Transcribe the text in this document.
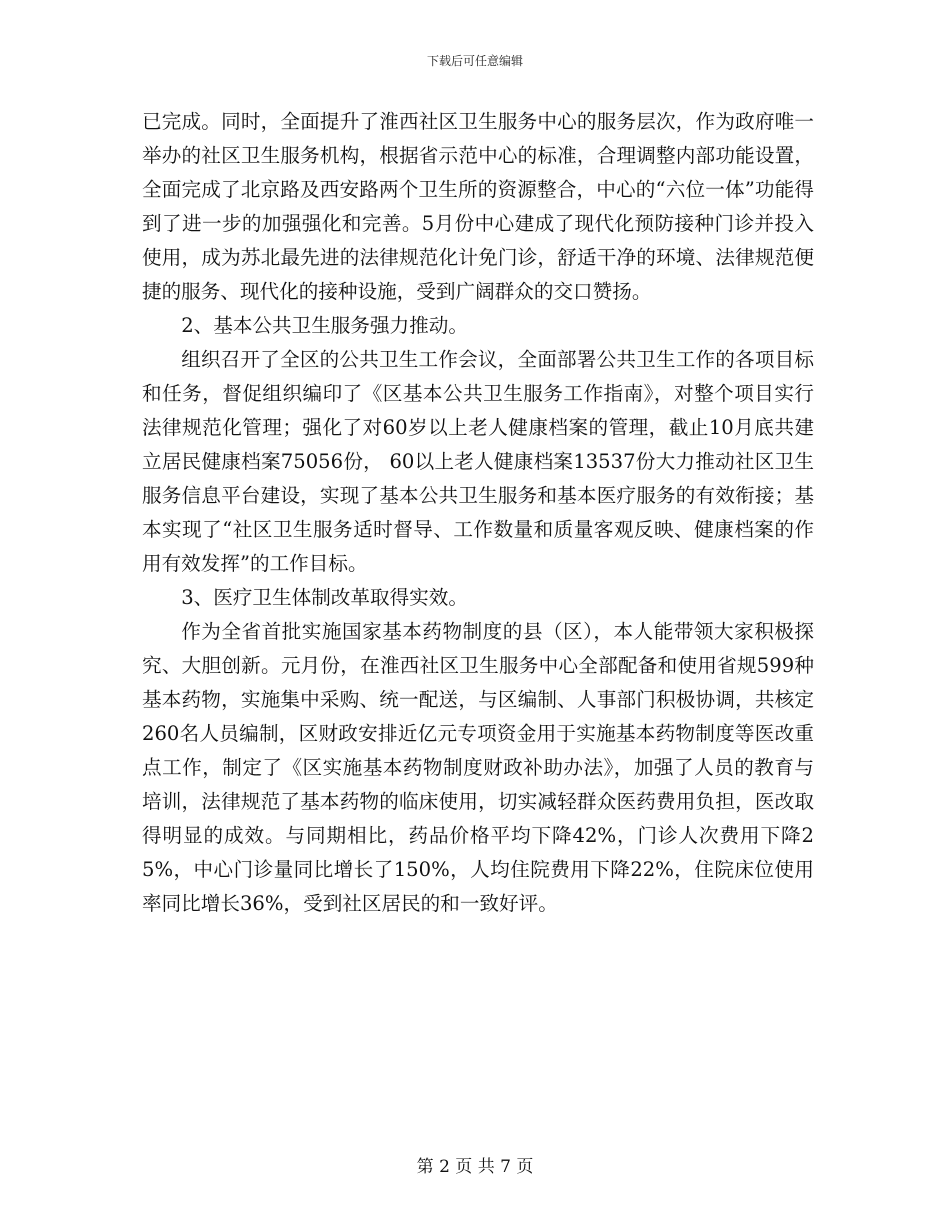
下载后可任意编辑

已完成。同时，全面提升了淮西社区卫生服务中心的服务层次，作为政府唯一举办的社区卫生服务机构，根据省示范中心的标准，合理调整内部功能设置，全面完成了北京路及西安路两个卫生所的资源整合，中心的“六位一体”功能得到了进一步的加强强化和完善。5月份中心建成了现代化预防接种门诊并投入使用，成为苏北最先进的法律规范化计免门诊，舒适干净的环境、法律规范便捷的服务、现代化的接种设施，受到广阔群众的交口赞扬。

2、基本公共卫生服务强力推动。

组织召开了全区的公共卫生工作会议，全面部署公共卫生工作的各项目标和任务，督促组织编印了《区基本公共卫生服务工作指南》，对整个项目实行法律规范化管理；强化了对60岁以上老人健康档案的管理，截止10月底共建立居民健康档案75056份， 60以上老人健康档案13537份大力推动社区卫生服务信息平台建设，实现了基本公共卫生服务和基本医疗服务的有效衔接；基本实现了“社区卫生服务适时督导、工作数量和质量客观反映、健康档案的作用有效发挥”的工作目标。

3、医疗卫生体制改革取得实效。

作为全省首批实施国家基本药物制度的县（区），本人能带领大家积极探究、大胆创新。元月份，在淮西社区卫生服务中心全部配备和使用省规599种基本药物，实施集中采购、统一配送，与区编制、人事部门积极协调，共核定260名人员编制，区财政安排近亿元专项资金用于实施基本药物制度等医改重点工作，制定了《区实施基本药物制度财政补助办法》，加强了人员的教育与培训，法律规范了基本药物的临床使用，切实减轻群众医药费用负担，医改取得明显的成效。与同期相比，药品价格平均下降42%，门诊人次费用下降25%，中心门诊量同比增长了150%，人均住院费用下降22%，住院床位使用率同比增长36%，受到社区居民的和一致好评。

第 2 页 共 7 页
